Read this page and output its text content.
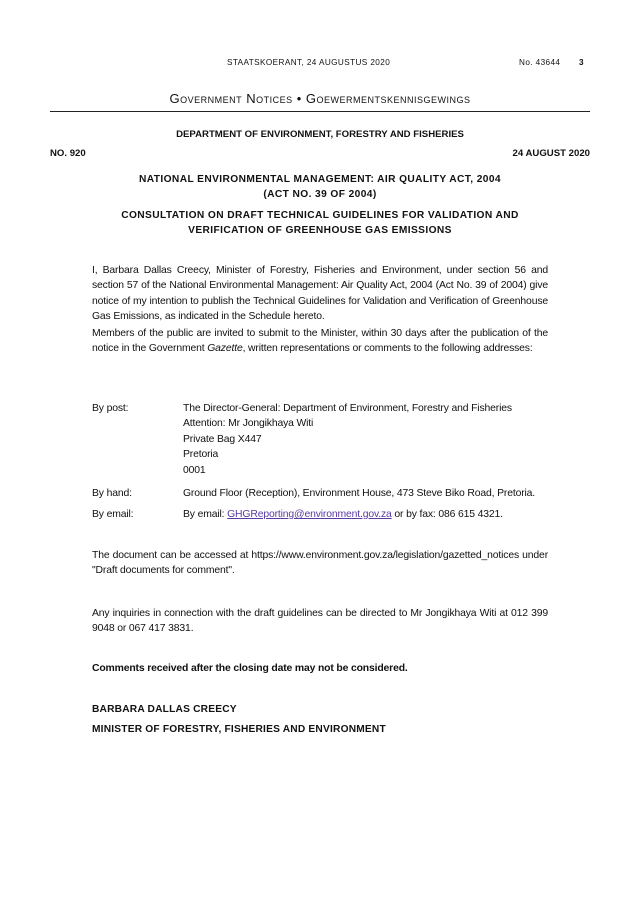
STAATSKOERANT, 24 AUGUSTUS 2020	No. 43644 3
Government Notices • Goewermentskennisgewings
DEPARTMENT OF ENVIRONMENT, FORESTRY AND FISHERIES
NO. 920	24 AUGUST 2020
NATIONAL ENVIRONMENTAL MANAGEMENT: AIR QUALITY ACT, 2004
(ACT NO. 39 OF 2004)
CONSULTATION ON DRAFT TECHNICAL GUIDELINES FOR VALIDATION AND
VERIFICATION OF GREENHOUSE GAS EMISSIONS
I, Barbara Dallas Creecy, Minister of Forestry, Fisheries and Environment, under section 56 and section 57 of the National Environmental Management: Air Quality Act, 2004 (Act No. 39 of 2004) give notice of my intention to publish the Technical Guidelines for Validation and Verification of Greenhouse Gas Emissions, as indicated in the Schedule hereto.
Members of the public are invited to submit to the Minister, within 30 days after the publication of the notice in the Government Gazette, written representations or comments to the following addresses:
By post:	The Director-General: Department of Environment, Forestry and Fisheries
Attention: Mr Jongikhaya Witi
Private Bag X447
Pretoria
0001
By hand:	Ground Floor (Reception), Environment House, 473 Steve Biko Road, Pretoria.
By email:	By email: GHGReporting@environment.gov.za or by fax: 086 615 4321.
The document can be accessed at https://www.environment.gov.za/legislation/gazetted_notices under "Draft documents for comment".
Any inquiries in connection with the draft guidelines can be directed to Mr Jongikhaya Witi at 012 399 9048 or 067 417 3831.
Comments received after the closing date may not be considered.
BARBARA DALLAS CREECY
MINISTER OF FORESTRY, FISHERIES AND ENVIRONMENT
